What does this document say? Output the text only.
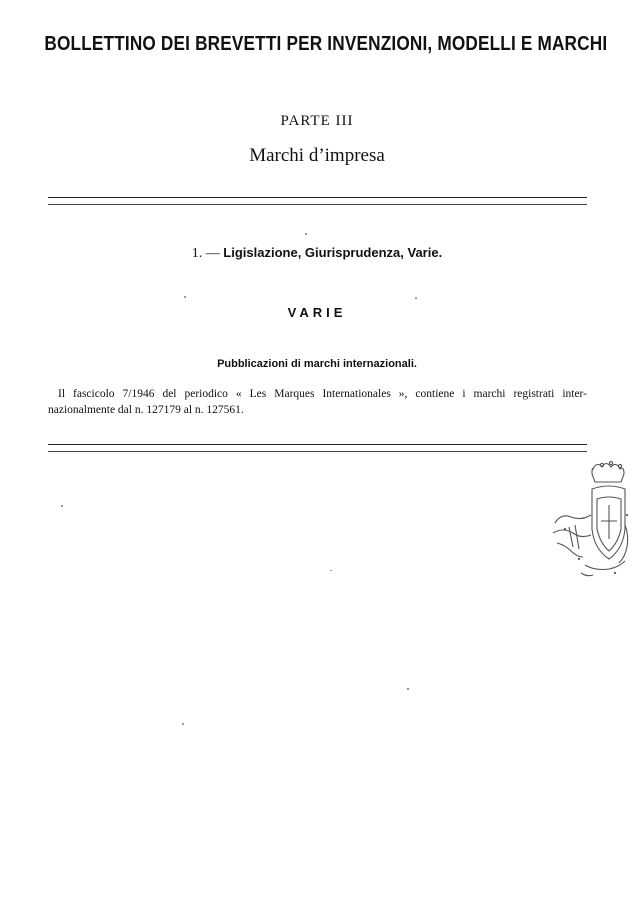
BOLLETTINO DEI BREVETTI PER INVENZIONI, MODELLI E MARCHI
PARTE III
Marchi d’impresa
1. — Ligislazione, Giurisprudenza, Varie.
VARIE
Pubblicazioni di marchi internazionali.

Il fascicolo 7/1946 del periodico « Les Marques Internationales », contiene i marchi registrati inter-

nazionalmente dal n. 127179 al n. 127561.
